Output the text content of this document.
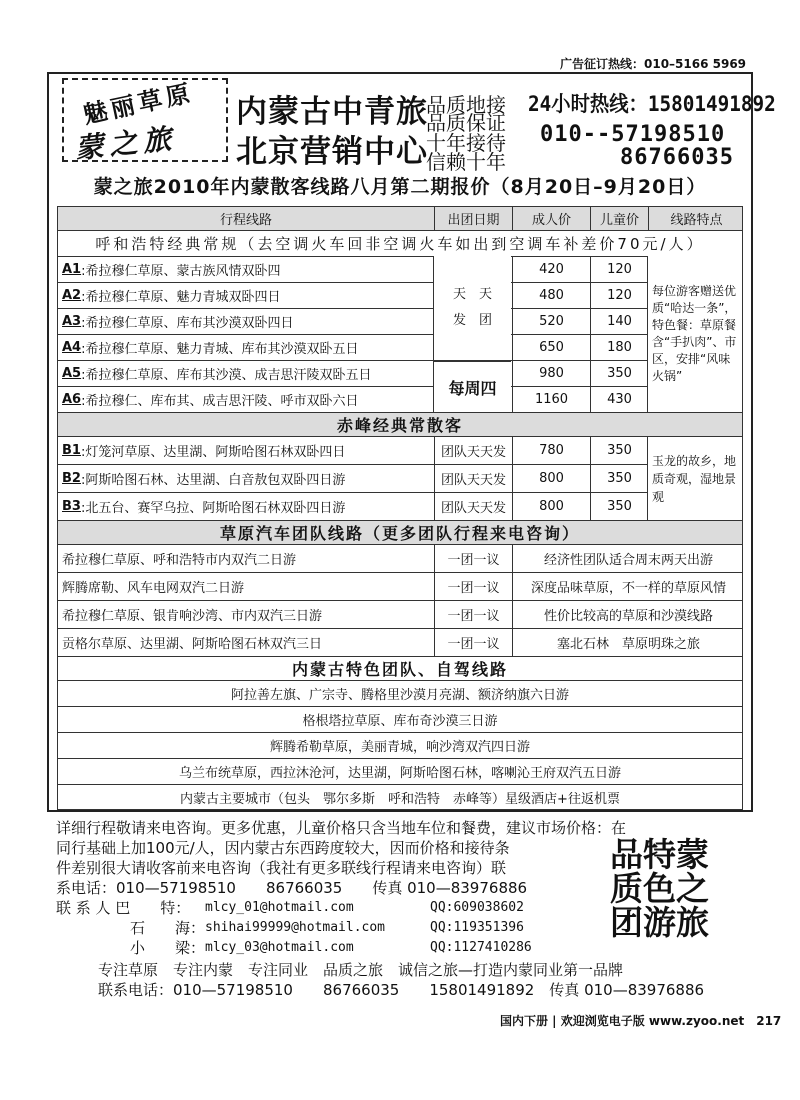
广告征订热线：010–5166 5969
魅丽草原
蒙之旅
内蒙古中青旅
北京营销中心
品质地接
品质保证
十年接待
信赖十年
24小时热线：15801491892
010--57198510
86766035
蒙之旅2010年内蒙散客线路八月第二期报价（8月20日–9月20日）
行程线路	出团日期	成人价	儿童价	线路特点
呼和浩特经典常规（去空调火车回非空调火车如出到空调车补差价70元/人）
A1 :希拉穆仁草原、蒙古族风情双卧四	420	120
A2 :希拉穆仁草原、魅力青城双卧四日	480	120
A3 :希拉穆仁草原、库布其沙漠双卧四日	520	140
A4 :希拉穆仁草原、魅力青城、库布其沙漠双卧五日	650	180
A5 :希拉穆仁草原、库布其沙漠、成吉思汗陵双卧五日	980	350
A6 :希拉穆仁、库布其、成吉思汗陵、呼市双卧六日	1160	430
天　天
发　团
每周四
每位游客赠送优质“哈达一条”，特色餐：草原餐含“手扒肉”、市区，安排“风味火锅”
赤峰经典常散客
B1 :灯笼河草原、达里湖、阿斯哈图石林双卧四日	团队天天发	780	350
B2 :阿斯哈图石林、达里湖、白音敖包双卧四日游	团队天天发	800	350
B3 :北五台、赛罕乌拉、阿斯哈图石林双卧四日游	团队天天发	800	350
玉龙的故乡，地质奇观，湿地景观
草原汽车团队线路（更多团队行程来电咨询）
希拉穆仁草原、呼和浩特市内双汽二日游	一团一议	经济性团队适合周末两天出游
辉腾席勒、风车电网双汽二日游	一团一议	深度品味草原，不一样的草原风情
希拉穆仁草原、银肯响沙湾、市内双汽三日游	一团一议	性价比较高的草原和沙漠线路
贡格尔草原、达里湖、阿斯哈图石林双汽三日	一团一议	塞北石林　草原明珠之旅
内蒙古特色团队、自驾线路
阿拉善左旗、广宗寺、腾格里沙漠月亮湖、额济纳旗六日游
格根塔拉草原、库布奇沙漠三日游
辉腾希勒草原，美丽青城，响沙湾双汽四日游
乌兰布统草原，西拉沐沧河，达里湖，阿斯哈图石林，喀喇沁王府双汽五日游
内蒙古主要城市（包头　鄂尔多斯　呼和浩特　赤峰等）星级酒店+往返机票
详细行程敬请来电咨询。更多优惠，儿童价格只含当地车位和餐费，建议市场价格：在
同行基础上加100元/人，因内蒙古东西跨度较大，因而价格和接待条
件差别很大请收客前来电咨询（我社有更多联线行程请来电咨询）联
系电话：010—57198510　　86766035　　传真 010—83976886
联 系 人 巴　　特： mlcy_01@hotmail.com	QQ:609038602
石　　海： shihai99999@hotmail.com	QQ:119351396
小　　梁： mlcy_03@hotmail.com	QQ:1127410286
专注草原　专注内蒙　专注同业　品质之旅　诚信之旅—打造内蒙同业第一品牌
联系电话：010—57198510　　86766035　　15801491892　传真 010—83976886
品特蒙
质色之
团游旅
国内下册 | 欢迎浏览电子版 www.zyoo.net　217
